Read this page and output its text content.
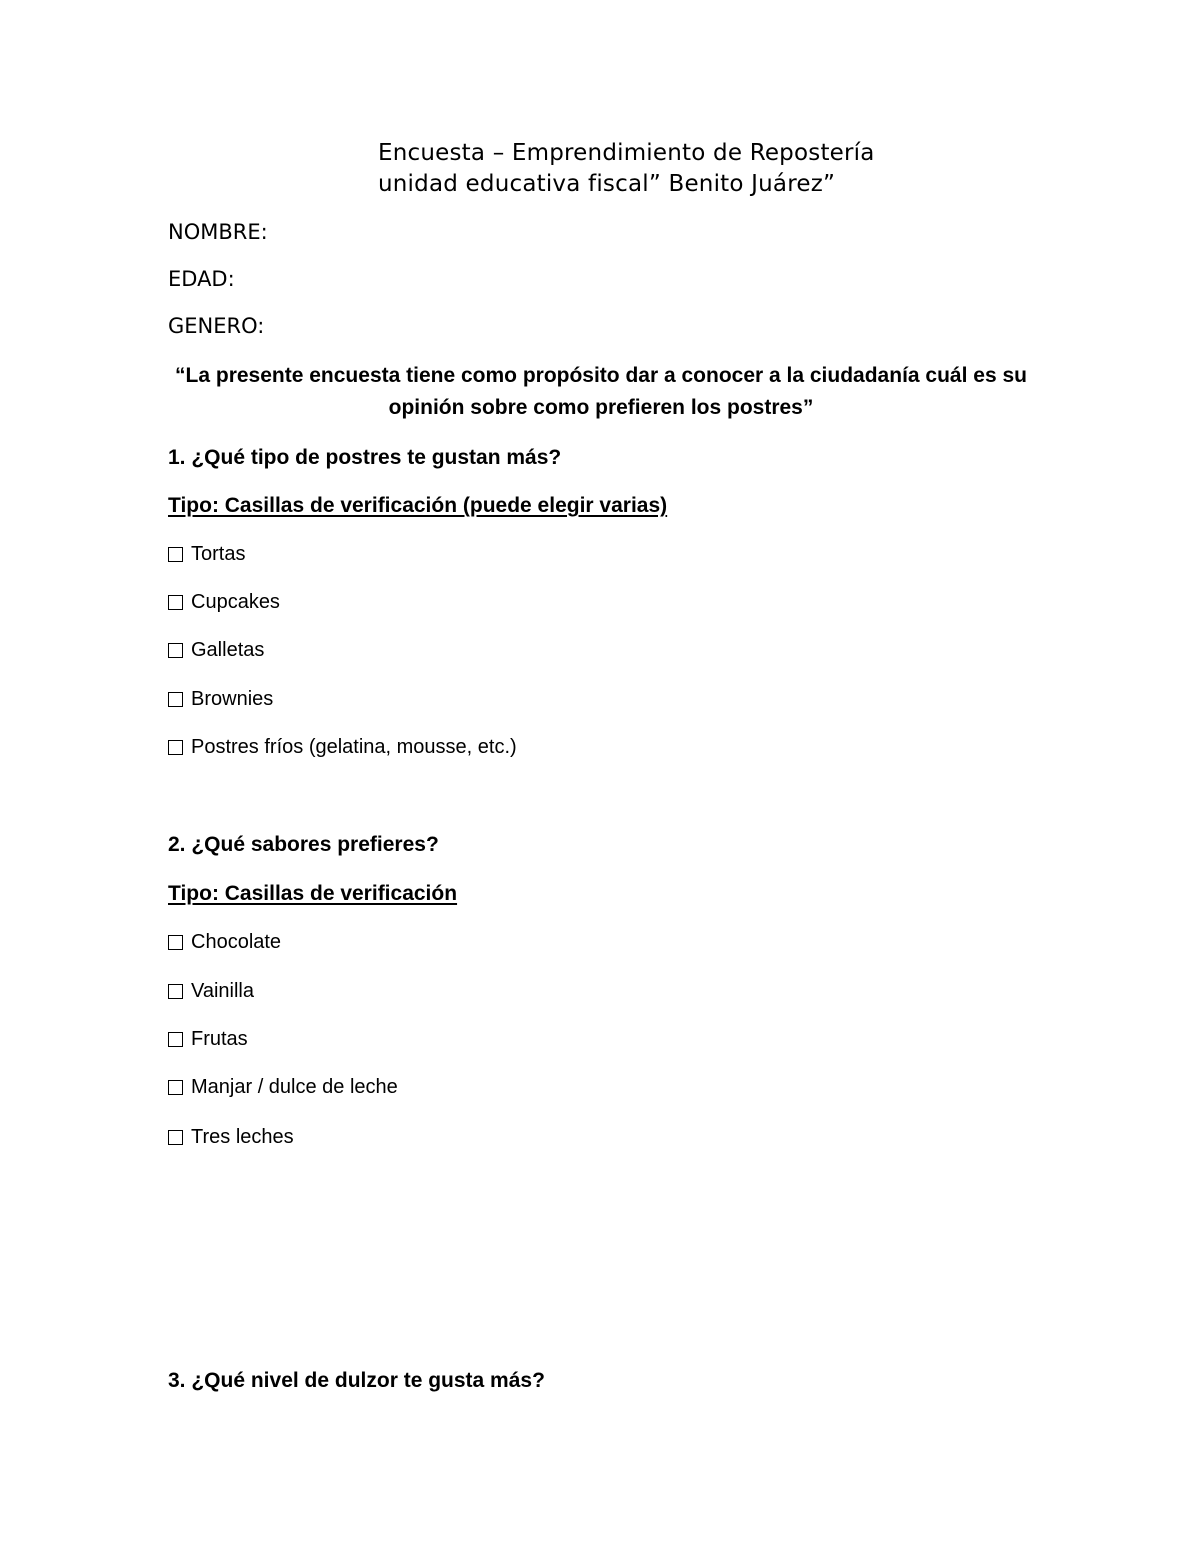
Encuesta – Emprendimiento de Repostería
unidad educativa fiscal” Benito Juárez”
NOMBRE:
EDAD:
GENERO:
“La presente encuesta tiene como propósito dar a conocer a la ciudadanía cuál es su
opinión sobre como prefieren los postres”
1. ¿Qué tipo de postres te gustan más?
Tipo: Casillas de verificación (puede elegir varias)
Tortas
Cupcakes
Galletas
Brownies
Postres fríos (gelatina, mousse, etc.)
2. ¿Qué sabores prefieres?
Tipo: Casillas de verificación
Chocolate
Vainilla
Frutas
Manjar / dulce de leche
Tres leches
3. ¿Qué nivel de dulzor te gusta más?
